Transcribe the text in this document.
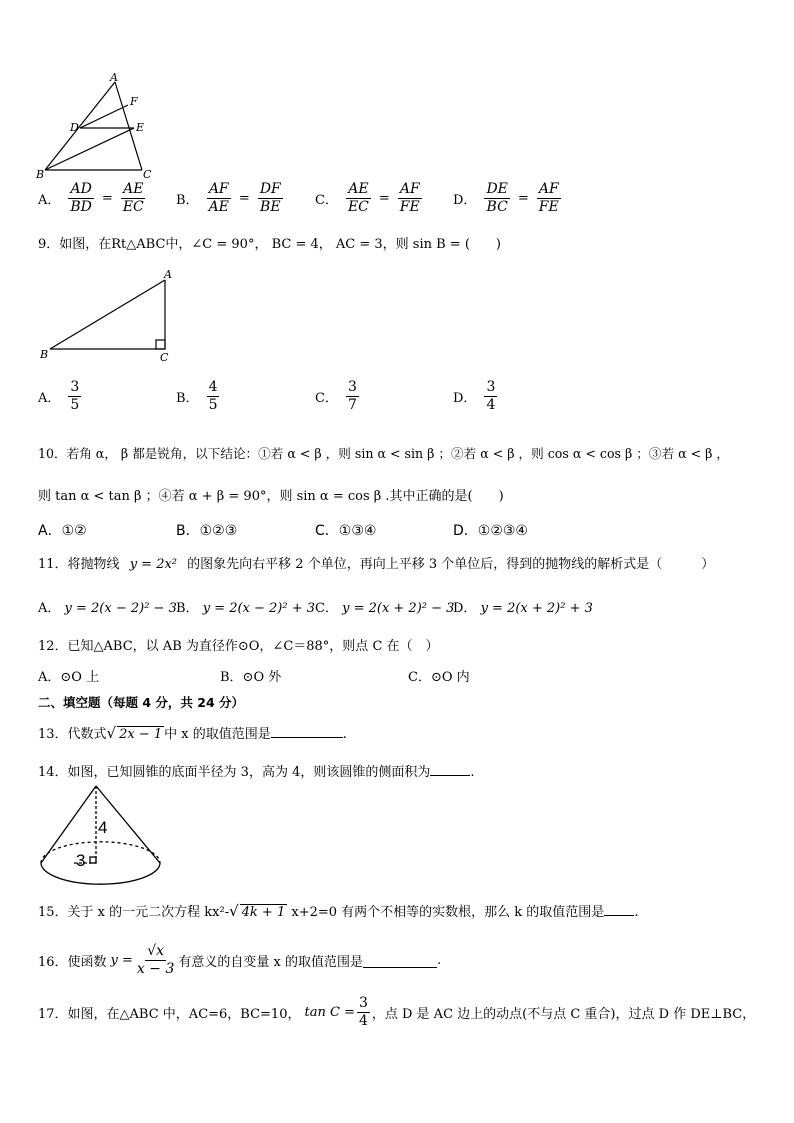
A
F
D	E
B	C
A． $\frac{AD}{BD} = \frac{AE}{EC}$ B． $\frac{AF}{AE} = \frac{DF}{BE}$ C． $\frac{AE}{EC} = \frac{AF}{FE}$ D． $\frac{DE}{BC} = \frac{AF}{FE}$
9．如图，在Rt△ABC中，∠C = 90°， BC = 4， AC = 3，则 sin B = (　　)
A
B	C
A． $\frac{3}{5}$	B． $\frac{4}{5}$	C． $\frac{3}{7}$	D． $\frac{3}{4}$
10．若角 α， β 都是锐角，以下结论：①若 α < β ，则 sin α < sin β ；②若 α < β ，则 cos α < cos β ；③若 α < β ，
则 tan α < tan β ；④若 α + β = 90°，则 sin α = cos β .其中正确的是(　　)
A．①②	B．①②③	C．①③④	D．①②③④
11．将抛物线 y = 2x² 的图象先向右平移 2 个单位，再向上平移 3 个单位后，得到的抛物线的解析式是（　　　）
A． y = 2(x − 2)² − 3 B． y = 2(x − 2)² + 3 C． y = 2(x + 2)² − 3
D． y = 2(x + 2)² + 3
12．已知△ABC，以 AB 为直径作⊙O，∠C＝88°，则点 C 在（　）
A．⊙O 上	B．⊙O 外	C．⊙O 内
二、填空题（每题 4 分，共 24 分）
13．代数式√ 2x − 1 中 x 的取值范围是	.
14．如图，已知圆锥的底面半径为 3，高为 4，则该圆锥的侧面积为	.
4
3
15．关于 x 的一元二次方程 kx²-√ 4k + 1 x+2=0 有两个不相等的实数根，那么 k 的取值范围是 .
16．使函数 $y = \frac{√x}{x - 3}$ 有意义的自变量 x 的取值范围是	.
17．如图，在△ABC 中，AC=6，BC=10， $\tan C = \frac{3}{4}$ ，点 D 是 AC 边上的动点(不与点 C 重合)，过点 D 作 DE⊥BC，
